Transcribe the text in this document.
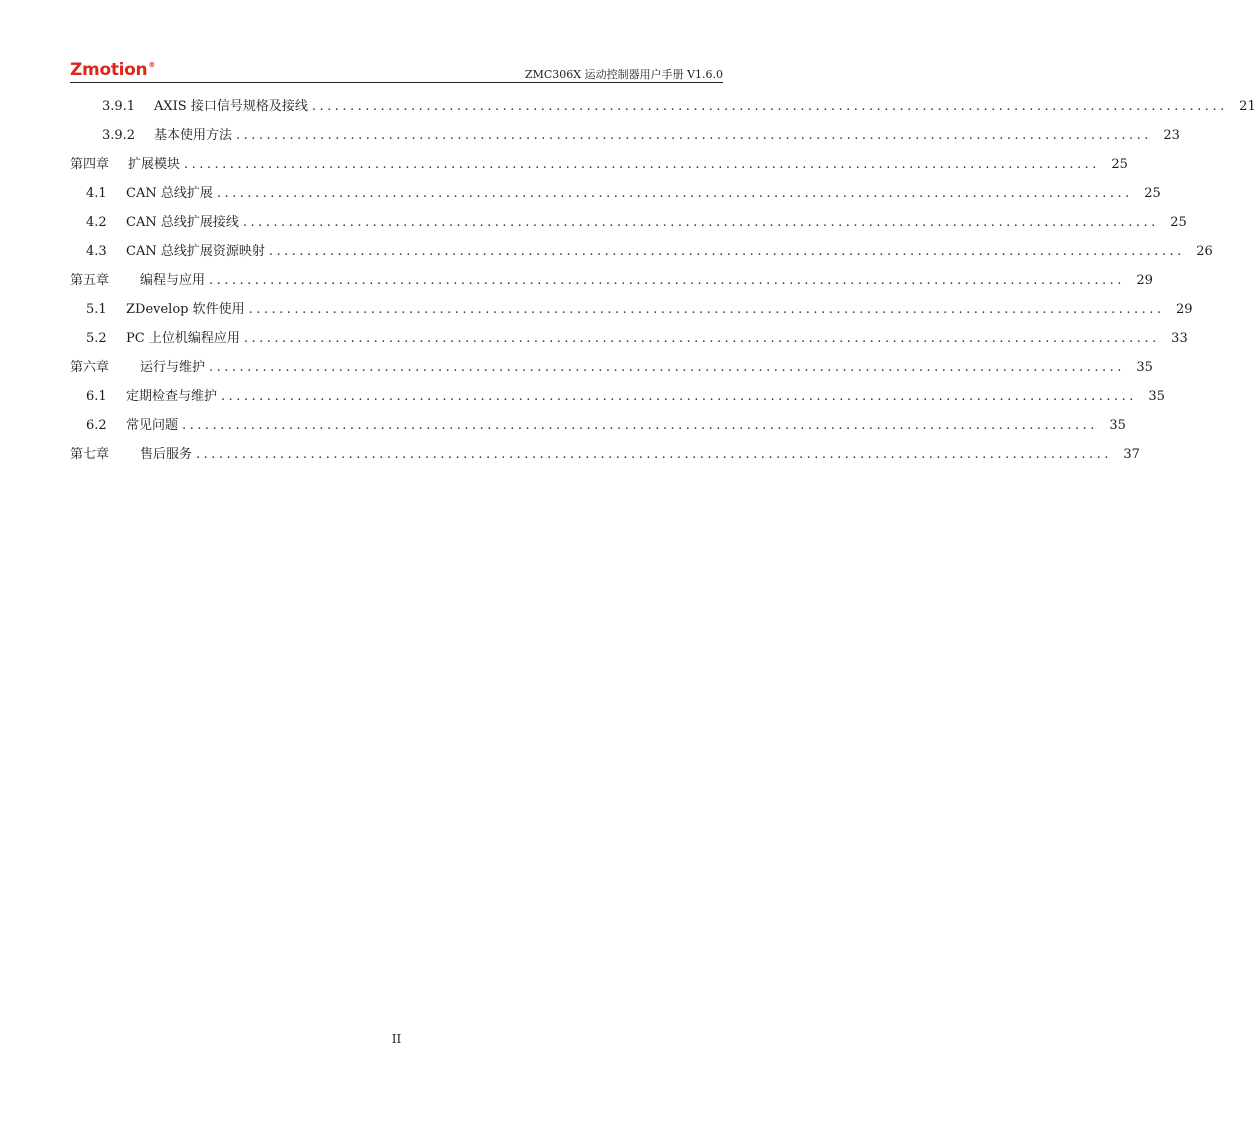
Zmotion®
ZMC306X 运动控制器用户手册 V1.6.0
3.9.1	AXIS 接口信号规格及接线 ........................................................................................................................ 21
3.9.2	基本使用方法 ........................................................................................................................ 23
第四章	扩展模块 ........................................................................................................................ 25
4.1	CAN 总线扩展 ........................................................................................................................ 25
4.2	CAN 总线扩展接线 ........................................................................................................................ 25
4.3	CAN 总线扩展资源映射 ........................................................................................................................ 26
第五章	编程与应用 ........................................................................................................................ 29
5.1	ZDevelop 软件使用 ........................................................................................................................ 29
5.2	PC 上位机编程应用 ........................................................................................................................ 33
第六章	运行与维护 ........................................................................................................................ 35
6.1	定期检查与维护 ........................................................................................................................ 35
6.2	常见问题 ........................................................................................................................ 35
第七章	售后服务 ........................................................................................................................ 37
II
